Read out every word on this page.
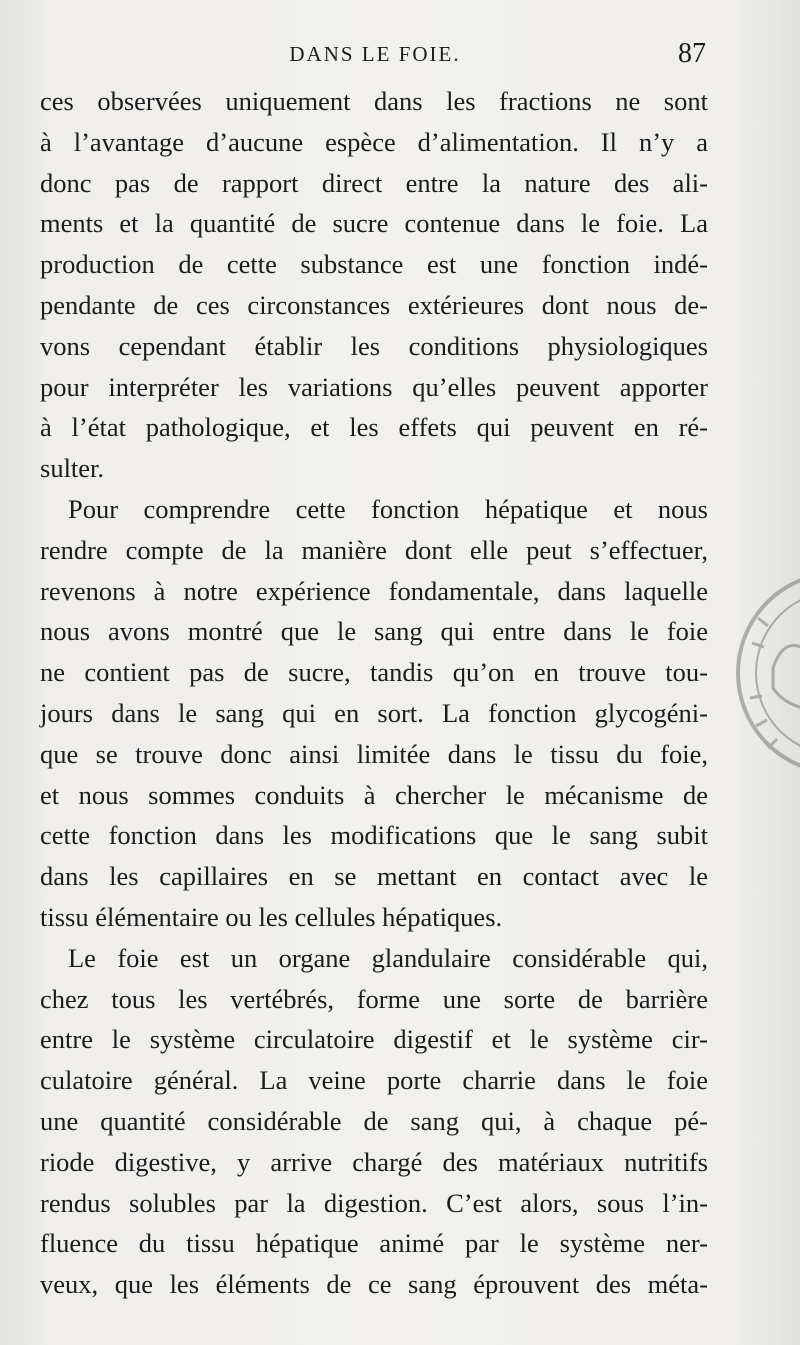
DANS LE FOIE.	87
ces observées uniquement dans les fractions ne sont
à l’avantage d’aucune espèce d’alimentation. Il n’y a
donc pas de rapport direct entre la nature des ali-
ments et la quantité de sucre contenue dans le foie. La
production de cette substance est une fonction indé-
pendante de ces circonstances extérieures dont nous de-
vons cependant établir les conditions physiologiques
pour interpréter les variations qu’elles peuvent apporter
à l’état pathologique, et les effets qui peuvent en ré-
sulter.
Pour comprendre cette fonction hépatique et nous
rendre compte de la manière dont elle peut s’effectuer,
revenons à notre expérience fondamentale, dans laquelle
nous avons montré que le sang qui entre dans le foie
ne contient pas de sucre, tandis qu’on en trouve tou-
jours dans le sang qui en sort. La fonction glycogéni-
que se trouve donc ainsi limitée dans le tissu du foie,
et nous sommes conduits à chercher le mécanisme de
cette fonction dans les modifications que le sang subit
dans les capillaires en se mettant en contact avec le
tissu élémentaire ou les cellules hépatiques.
Le foie est un organe glandulaire considérable qui,
chez tous les vertébrés, forme une sorte de barrière
entre le système circulatoire digestif et le système cir-
culatoire général. La veine porte charrie dans le foie
une quantité considérable de sang qui, à chaque pé-
riode digestive, y arrive chargé des matériaux nutritifs
rendus solubles par la digestion. C’est alors, sous l’in-
fluence du tissu hépatique animé par le système ner-
veux, que les éléments de ce sang éprouvent des méta-
